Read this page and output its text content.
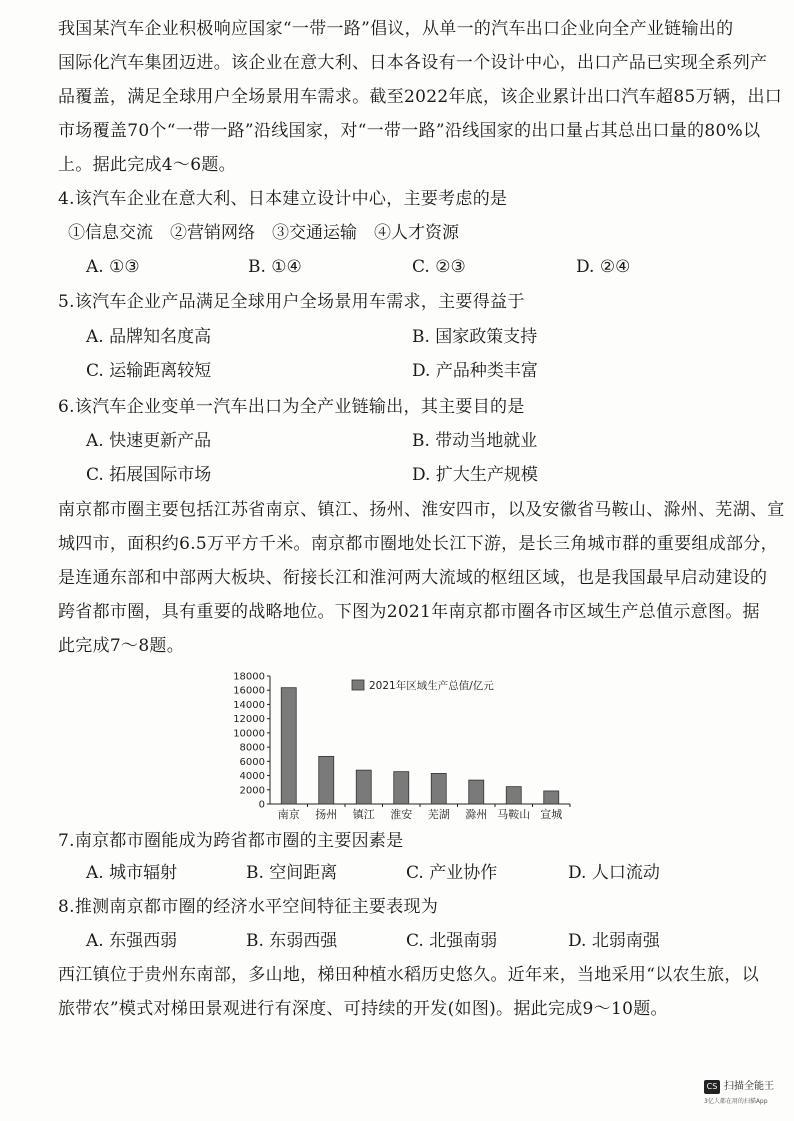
我国某汽车企业积极响应国家“一带一路”倡议，从单一的汽车出口企业向全产业链输出的
国际化汽车集团迈进。该企业在意大利、日本各设有一个设计中心，出口产品已实现全系列产
品覆盖，满足全球用户全场景用车需求。截至2022年底，该企业累计出口汽车超85万辆，出口
市场覆盖70个“一带一路”沿线国家，对“一带一路”沿线国家的出口量占其总出口量的80%以
上。据此完成4～6题。
4.该汽车企业在意大利、日本建立设计中心，主要考虑的是
①信息交流　②营销网络　③交通运输　④人才资源
A. ①③	B. ①④	C. ②③	D. ②④
5.该汽车企业产品满足全球用户全场景用车需求，主要得益于
A. 品牌知名度高	B. 国家政策支持
C. 运输距离较短	D. 产品种类丰富
6.该汽车企业变单一汽车出口为全产业链输出，其主要目的是
A. 快速更新产品	B. 带动当地就业
C. 拓展国际市场	D. 扩大生产规模
南京都市圈主要包括江苏省南京、镇江、扬州、淮安四市，以及安徽省马鞍山、滁州、芜湖、宣
城四市，面积约6.5万平方千米。南京都市圈地处长江下游，是长三角城市群的重要组成部分，
是连通东部和中部两大板块、衔接长江和淮河两大流域的枢纽区域，也是我国最早启动建设的
跨省都市圈，具有重要的战略地位。下图为2021年南京都市圈各市区域生产总值示意图。据
此完成7～8题。
0
2000
4000
6000
8000
10000
12000
14000
16000
18000
南京 扬州 镇江 淮安 芜湖 滁州 马鞍山 宣城
2021年区域生产总值/亿元
7.南京都市圈能成为跨省都市圈的主要因素是
A. 城市辐射	B. 空间距离	C. 产业协作	D. 人口流动
8.推测南京都市圈的经济水平空间特征主要表现为
A. 东强西弱	B. 东弱西强	C. 北强南弱	D. 北弱南强
西江镇位于贵州东南部，多山地，梯田种植水稻历史悠久。近年来，当地采用“以农生旅，以
旅带农”模式对梯田景观进行有深度、可持续的开发(如图)。据此完成9～10题。
CS 扫描全能王
3亿人都在用的扫描App
